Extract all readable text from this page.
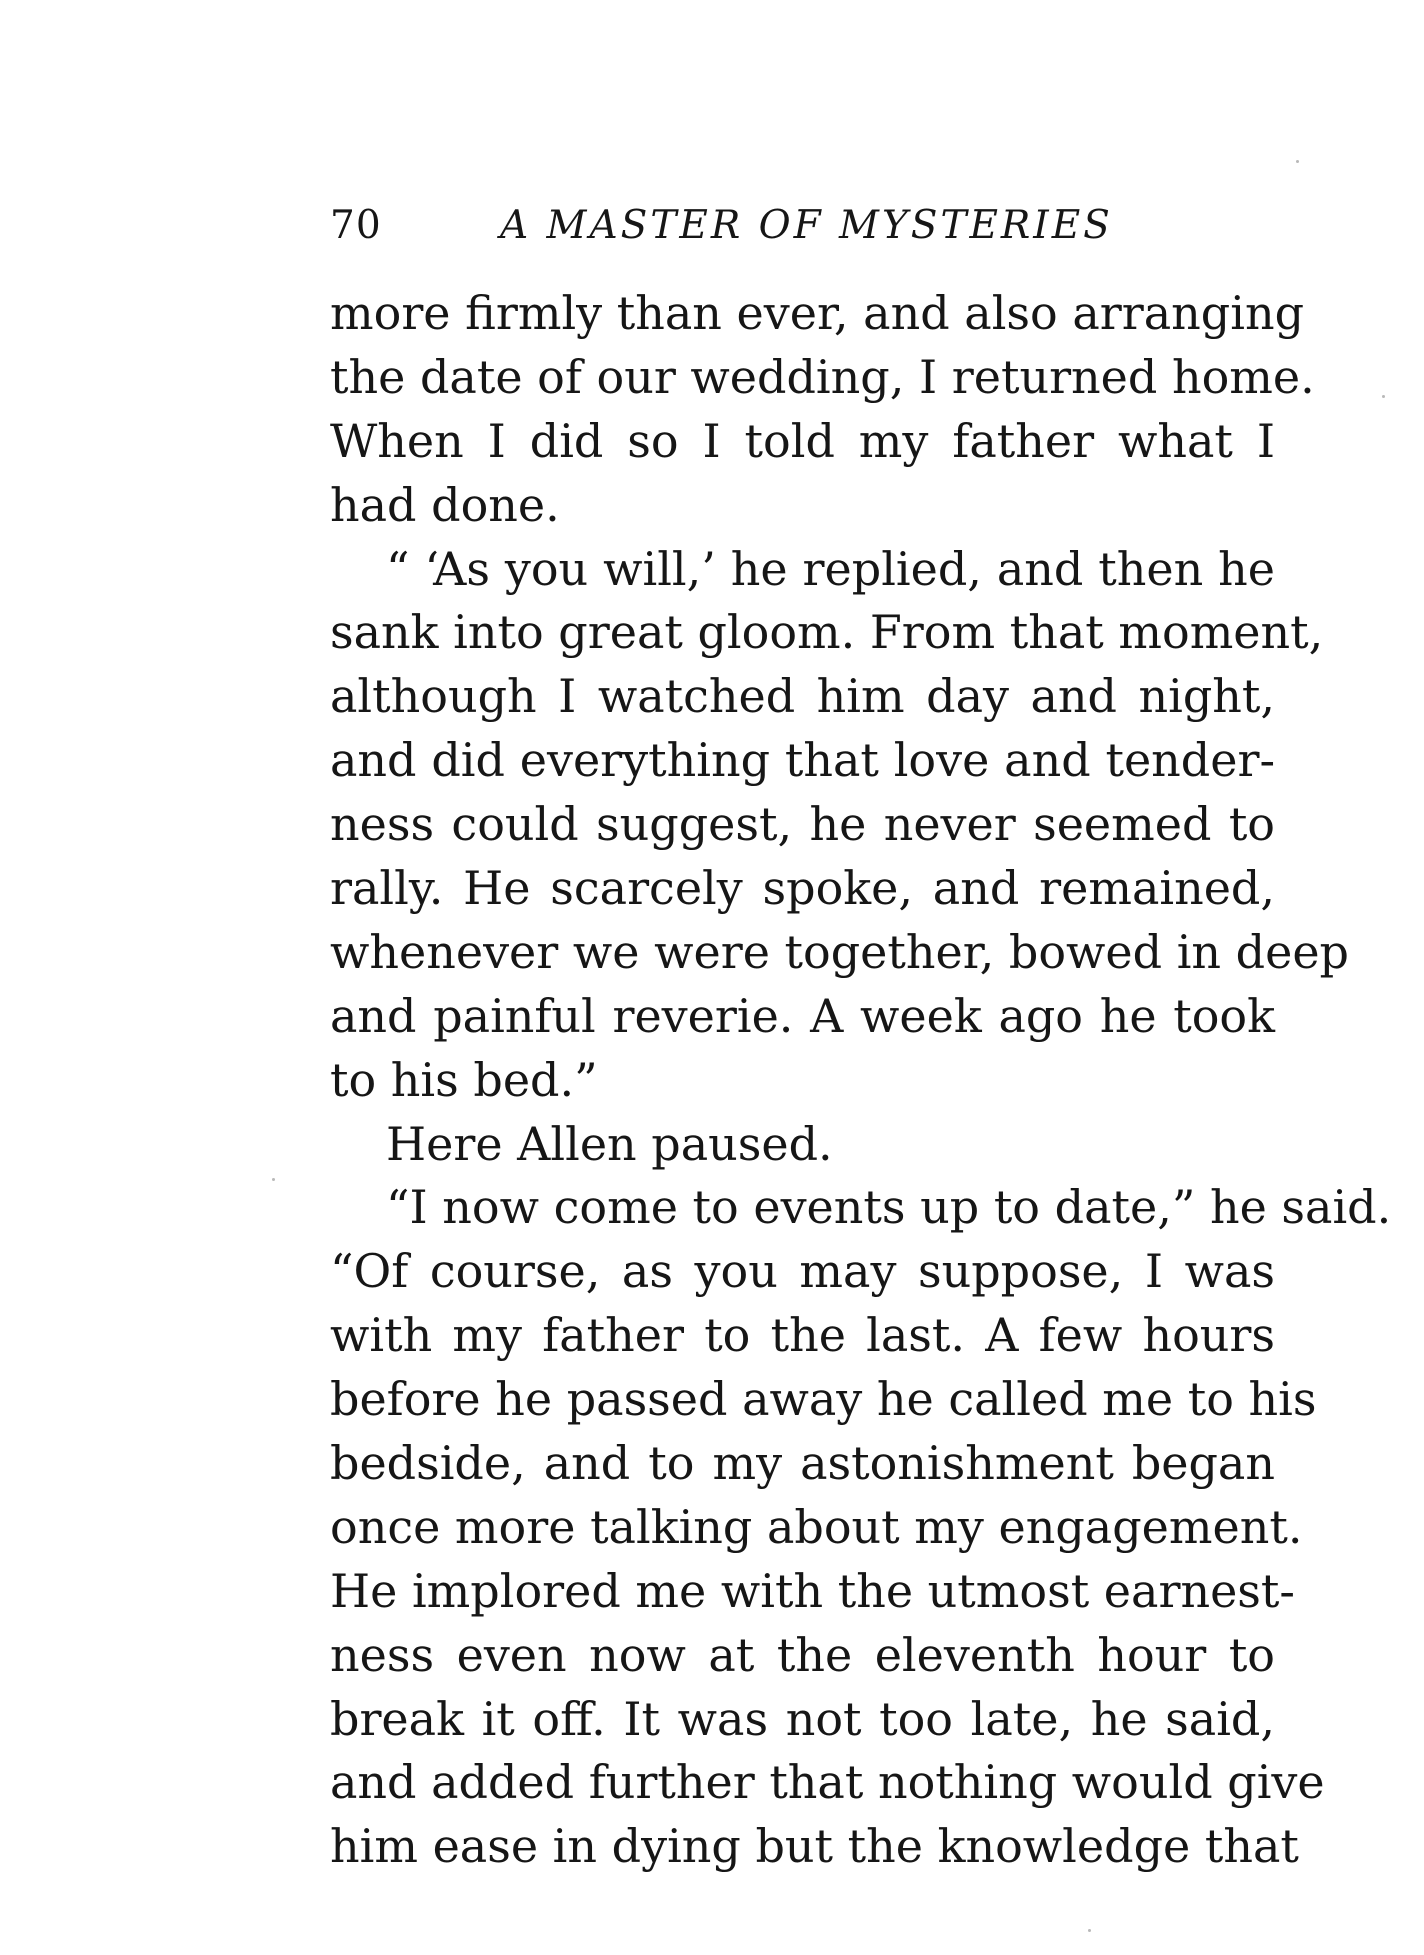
70	A MASTER OF MYSTERIES
more firmly than ever, and also arranging
the date of our wedding, I returned home.
When I did so I told my father what I
had done.
“ ‘As you will,’ he replied, and then he
sank into great gloom. From that moment,
although I watched him day and night,
and did everything that love and tender-
ness could suggest, he never seemed to
rally. He scarcely spoke, and remained,
whenever we were together, bowed in deep
and painful reverie. A week ago he took
to his bed.”
Here Allen paused.
“I now come to events up to date,” he said.
“Of course, as you may suppose, I was
with my father to the last. A few hours
before he passed away he called me to his
bedside, and to my astonishment began
once more talking about my engagement.
He implored me with the utmost earnest-
ness even now at the eleventh hour to
break it off. It was not too late, he said,
and added further that nothing would give
him ease in dying but the knowledge that
